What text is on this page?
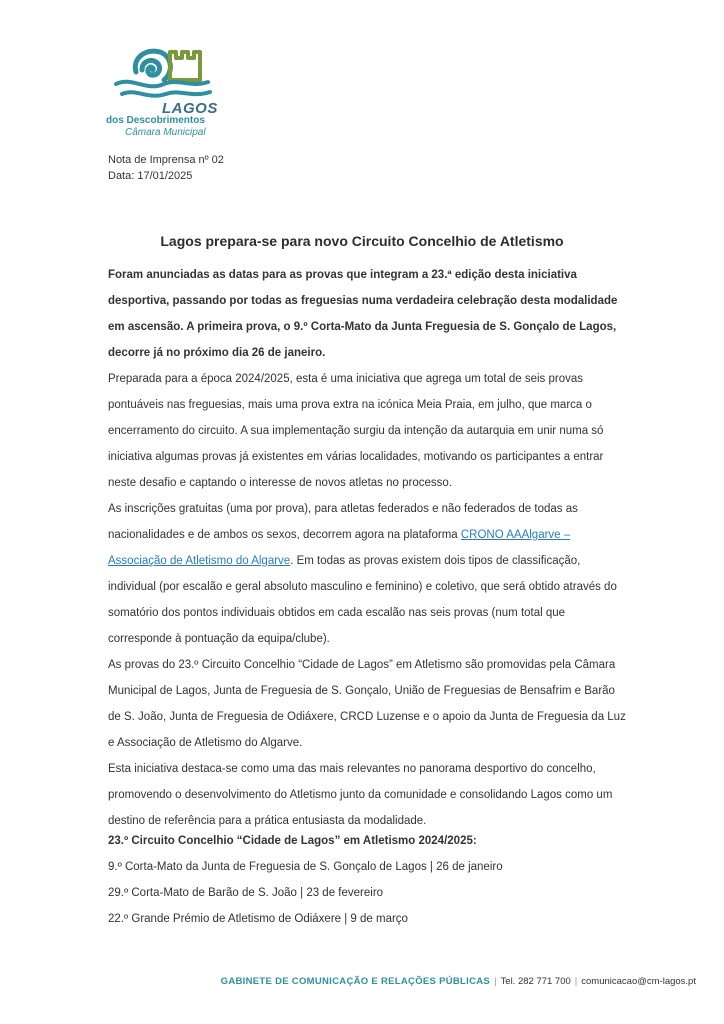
LAGOS
dos Descobrimentos
Câmara Municipal
Nota de Imprensa nº 02
Data: 17/01/2025
Lagos prepara-se para novo Circuito Concelhio de Atletismo

Foram anunciadas as datas para as provas que integram a 23.ª edição desta iniciativa desportiva, passando por todas as freguesias numa verdadeira celebração desta modalidade em ascensão. A primeira prova, o 9.º Corta-Mato da Junta Freguesia de S. Gonçalo de Lagos, decorre já no próximo dia 26 de janeiro.

Preparada para a época 2024/2025, esta é uma iniciativa que agrega um total de seis provas pontuáveis nas freguesias, mais uma prova extra na icónica Meia Praia, em julho, que marca o encerramento do circuito. A sua implementação surgiu da intenção da autarquia em unir numa só iniciativa algumas provas já existentes em várias localidades, motivando os participantes a entrar neste desafio e captando o interesse de novos atletas no processo.

As inscrições gratuitas (uma por prova), para atletas federados e não federados de todas as nacionalidades e de ambos os sexos, decorrem agora na plataforma CRONO AAAlgarve – Associação de Atletismo do Algarve. Em todas as provas existem dois tipos de classificação, individual (por escalão e geral absoluto masculino e feminino) e coletivo, que será obtido através do somatório dos pontos individuais obtidos em cada escalão nas seis provas (num total que corresponde à pontuação da equipa/clube).

As provas do 23.º Circuito Concelhio “Cidade de Lagos” em Atletismo são promovidas pela Câmara Municipal de Lagos, Junta de Freguesia de S. Gonçalo, União de Freguesias de Bensafrim e Barão de S. João, Junta de Freguesia de Odiáxere, CRCD Luzense e o apoio da Junta de Freguesia da Luz e Associação de Atletismo do Algarve.

Esta iniciativa destaca-se como uma das mais relevantes no panorama desportivo do concelho, promovendo o desenvolvimento do Atletismo junto da comunidade e consolidando Lagos como um destino de referência para a prática entusiasta da modalidade.

23.º Circuito Concelhio “Cidade de Lagos” em Atletismo 2024/2025:
9.º Corta-Mato da Junta de Freguesia de S. Gonçalo de Lagos | 26 de janeiro
29.º Corta-Mato de Barão de S. João | 23 de fevereiro
22.º Grande Prémio de Atletismo de Odiáxere | 9 de março
GABINETE DE COMUNICAÇÃO E RELAÇÕES PÚBLICAS | Tel. 282 771 700 | comunicacao@cm-lagos.pt
